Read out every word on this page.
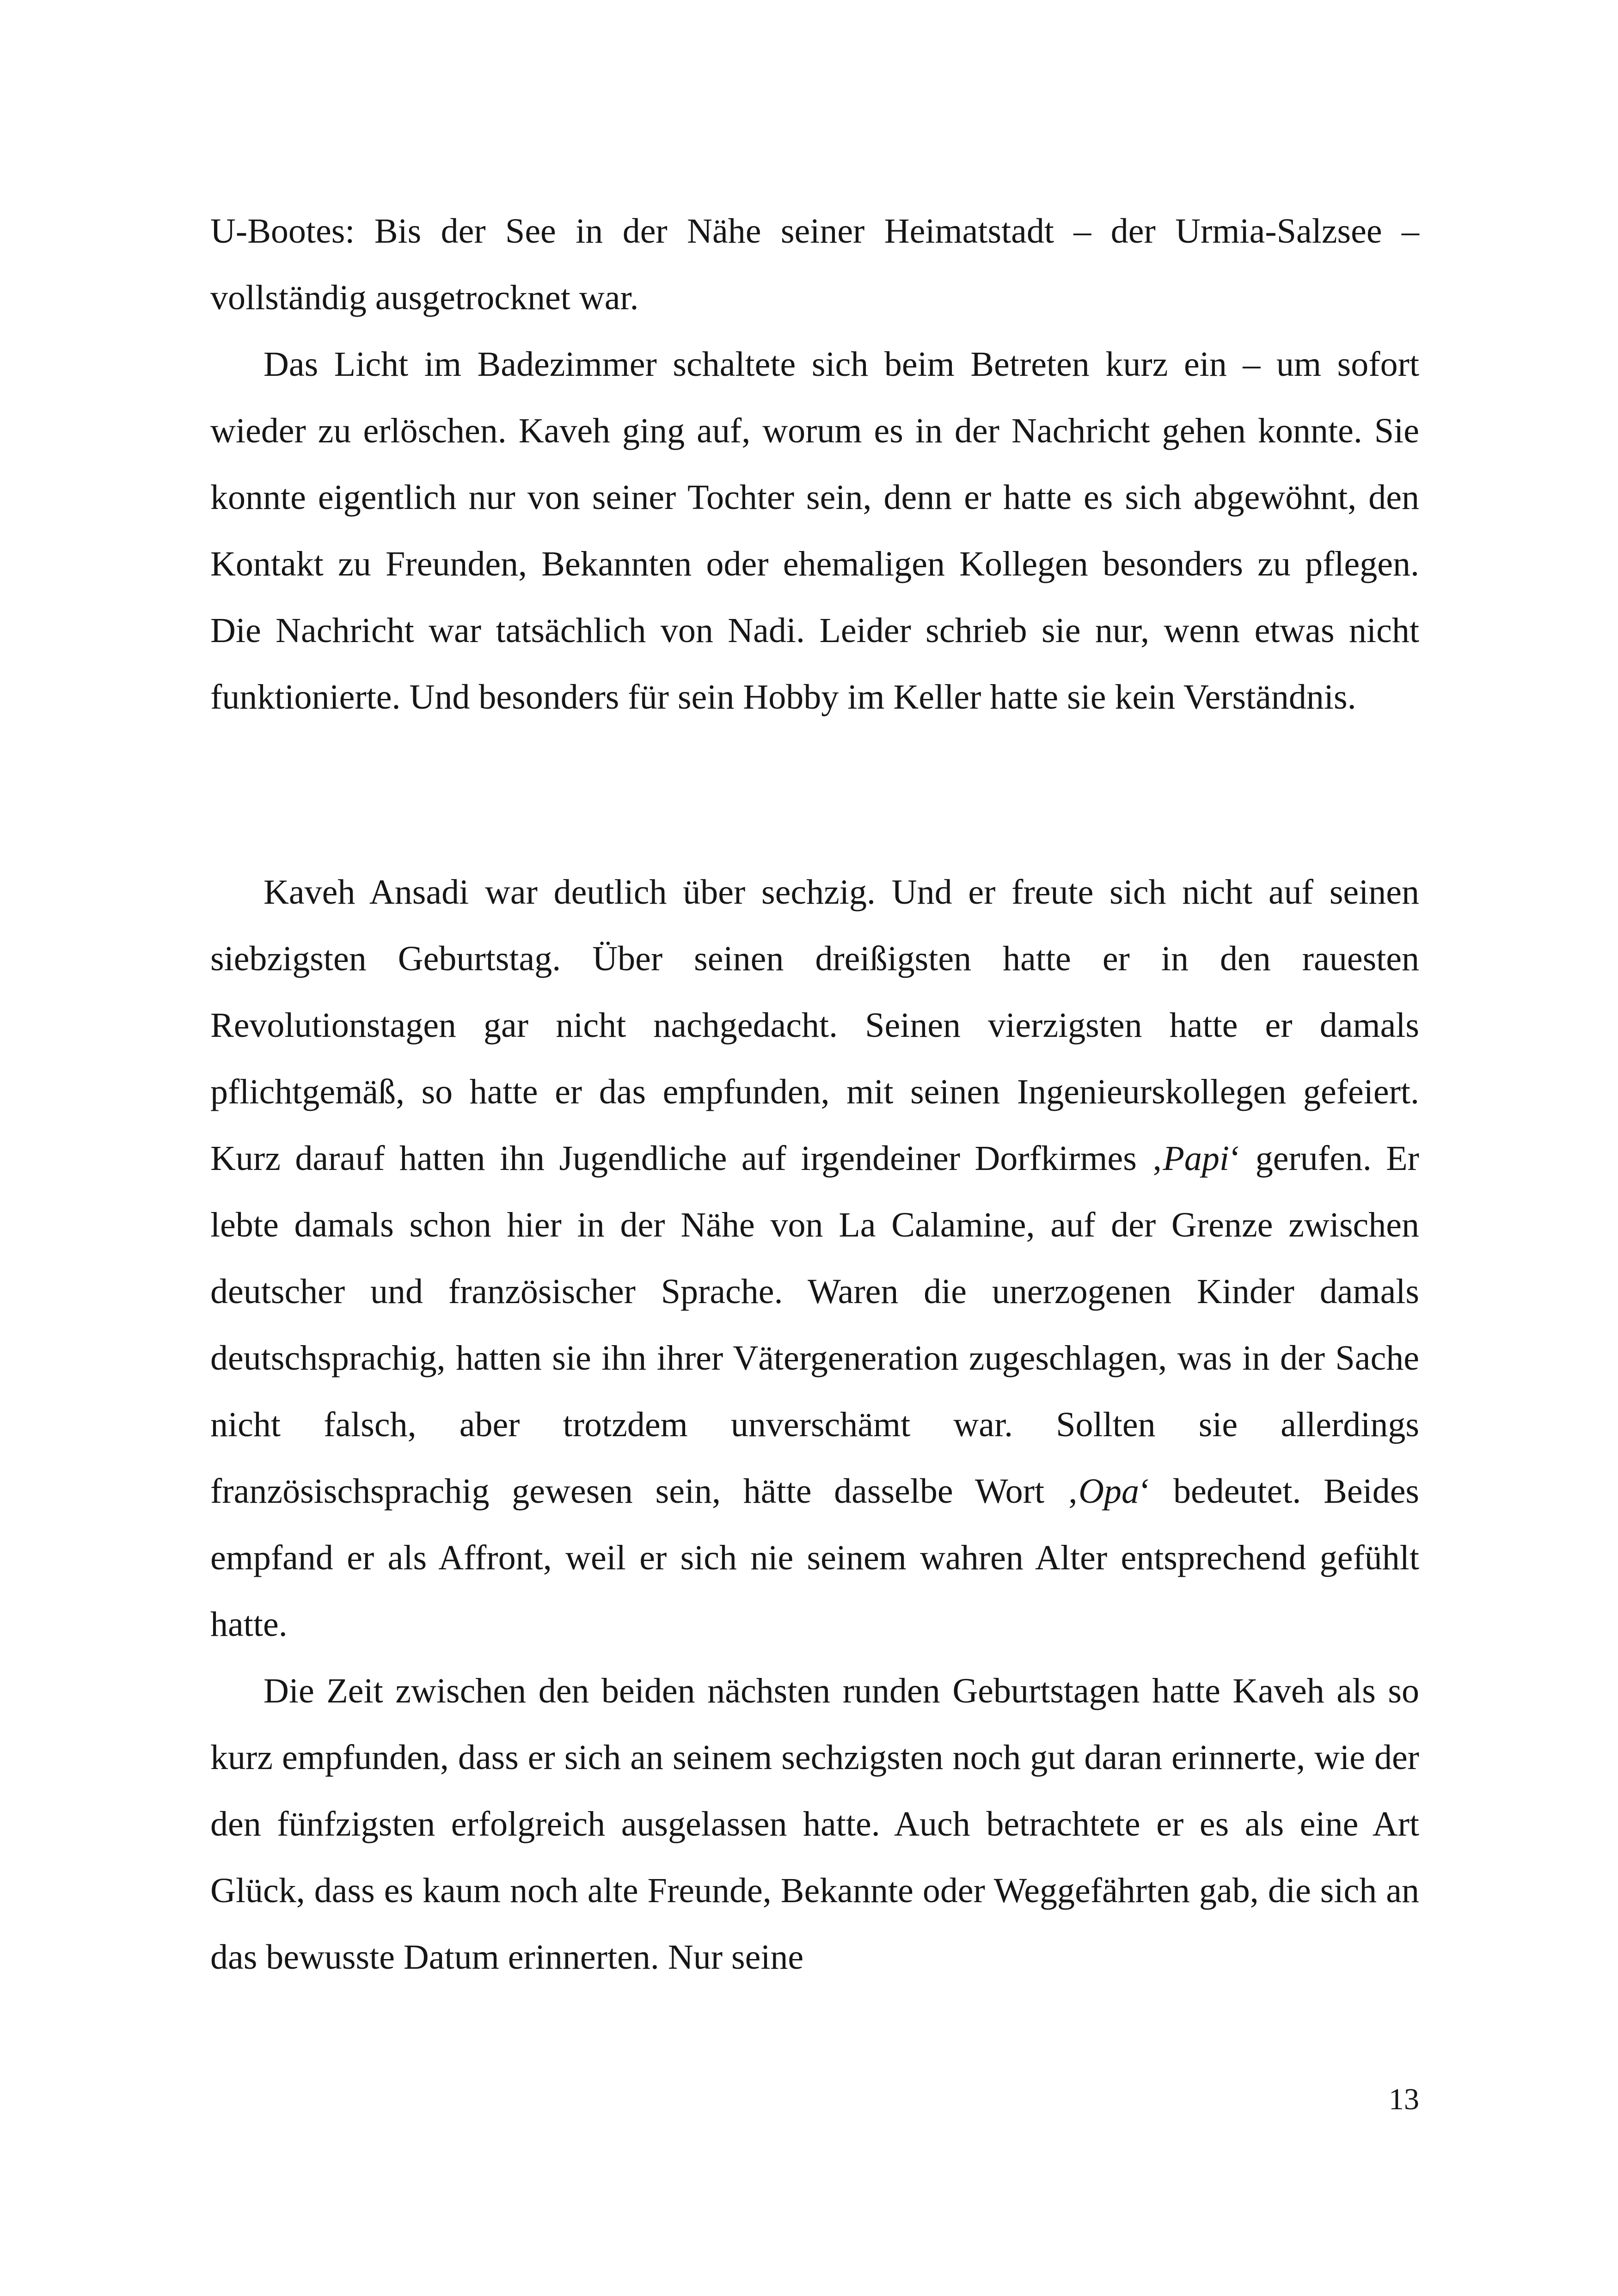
U-Bootes: Bis der See in der Nähe seiner Heimatstadt – der Urmia-Salzsee – vollständig ausgetrocknet war.

Das Licht im Badezimmer schaltete sich beim Betreten kurz ein – um sofort wieder zu erlöschen. Kaveh ging auf, worum es in der Nachricht gehen konnte. Sie konnte eigentlich nur von seiner Tochter sein, denn er hatte es sich abgewöhnt, den Kontakt zu Freunden, Bekannten oder ehemaligen Kollegen besonders zu pflegen. Die Nachricht war tatsächlich von Nadi. Leider schrieb sie nur, wenn etwas nicht funktionierte. Und besonders für sein Hobby im Keller hatte sie kein Verständnis.

Kaveh Ansadi war deutlich über sechzig. Und er freute sich nicht auf seinen siebzigsten Geburtstag. Über seinen dreißigsten hatte er in den rauesten Revolutionstagen gar nicht nachgedacht. Seinen vierzigsten hatte er damals pflichtgemäß, so hatte er das empfunden, mit seinen Ingenieurskollegen gefeiert. Kurz darauf hatten ihn Jugendliche auf irgendeiner Dorfkirmes ‚Papi‘ gerufen. Er lebte damals schon hier in der Nähe von La Calamine, auf der Grenze zwischen deutscher und französischer Sprache. Waren die unerzogenen Kinder damals deutschsprachig, hatten sie ihn ihrer Vätergeneration zugeschlagen, was in der Sache nicht falsch, aber trotzdem unverschämt war. Sollten sie allerdings französischsprachig gewesen sein, hätte dasselbe Wort ‚Opa‘ bedeutet. Beides empfand er als Affront, weil er sich nie seinem wahren Alter entsprechend gefühlt hatte.

Die Zeit zwischen den beiden nächsten runden Geburtstagen hatte Kaveh als so kurz empfunden, dass er sich an seinem sechzigsten noch gut daran erinnerte, wie der den fünfzigsten erfolgreich ausgelassen hatte. Auch betrachtete er es als eine Art Glück, dass es kaum noch alte Freunde, Bekannte oder Weggefährten gab, die sich an das bewusste Datum erinnerten. Nur seine

13
